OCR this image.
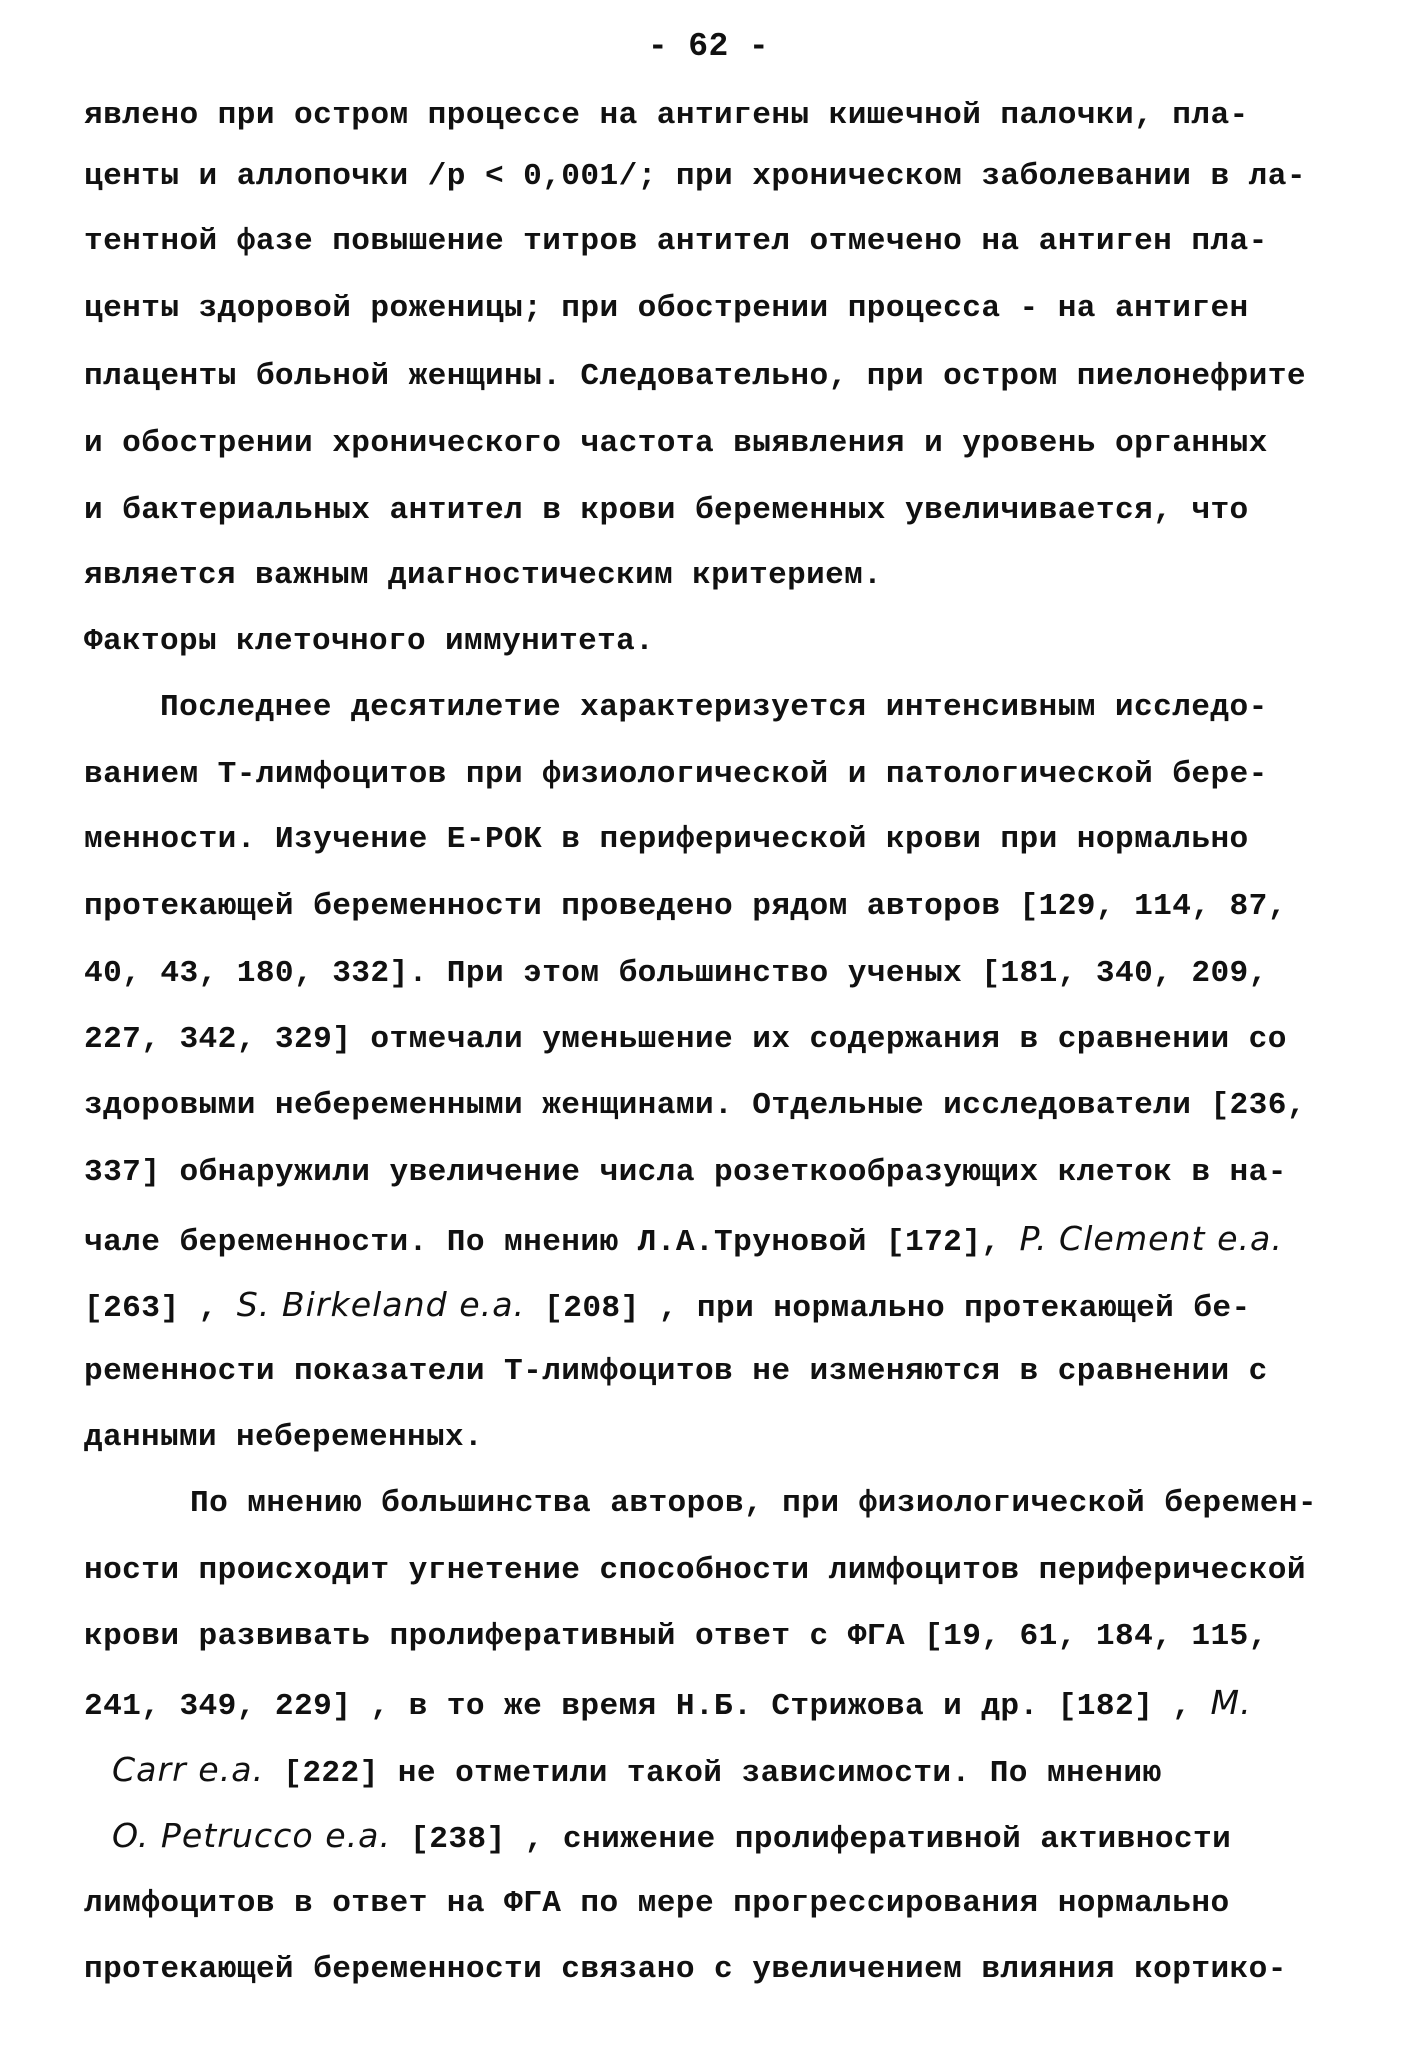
- 62 -
явлено при остром процессе на антигены кишечной палочки, пла-
центы и аллопочки /р < 0,001/; при хроническом заболевании в ла-
тентной фазе повышение титров антител отмечено на антиген пла-
центы здоровой роженицы; при обострении процесса - на антиген
плаценты больной женщины. Следовательно, при остром пиелонефрите
и обострении хронического частота выявления и уровень органных
и бактериальных антител в крови беременных увеличивается, что
является важным диагностическим критерием.
Факторы клеточного иммунитета.
Последнее десятилетие характеризуется интенсивным исследо-
ванием Т-лимфоцитов при физиологической и патологической бере-
менности. Изучение Е-РОК в периферической крови при нормально
протекающей беременности проведено рядом авторов [129, 114, 87,
40, 43, 180, 332]. При этом большинство ученых [181, 340, 209,
227, 342, 329] отмечали уменьшение их содержания в сравнении со
здоровыми небеременными женщинами. Отдельные исследователи [236,
337] обнаружили увеличение числа розеткообразующих клеток в на-
чале беременности. По мнению Л.А.Труновой [172], P. Clement e.a.
[263] , S. Birkeland e.a. [208] , при нормально протекающей бе-
ременности показатели Т-лимфоцитов не изменяются в сравнении с
данными небеременных.
По мнению большинства авторов, при физиологической беремен-
ности происходит угнетение способности лимфоцитов периферической
крови развивать пролиферативный ответ с ФГА [19, 61, 184, 115,
241, 349, 229] , в то же время Н.Б. Стрижова и др. [182] , M.
Carr e.a. [222] не отметили такой зависимости. По мнению
O. Petrucco e.a. [238] , снижение пролиферативной активности
лимфоцитов в ответ на ФГА по мере прогрессирования нормально
протекающей беременности связано с увеличением влияния кортико-
